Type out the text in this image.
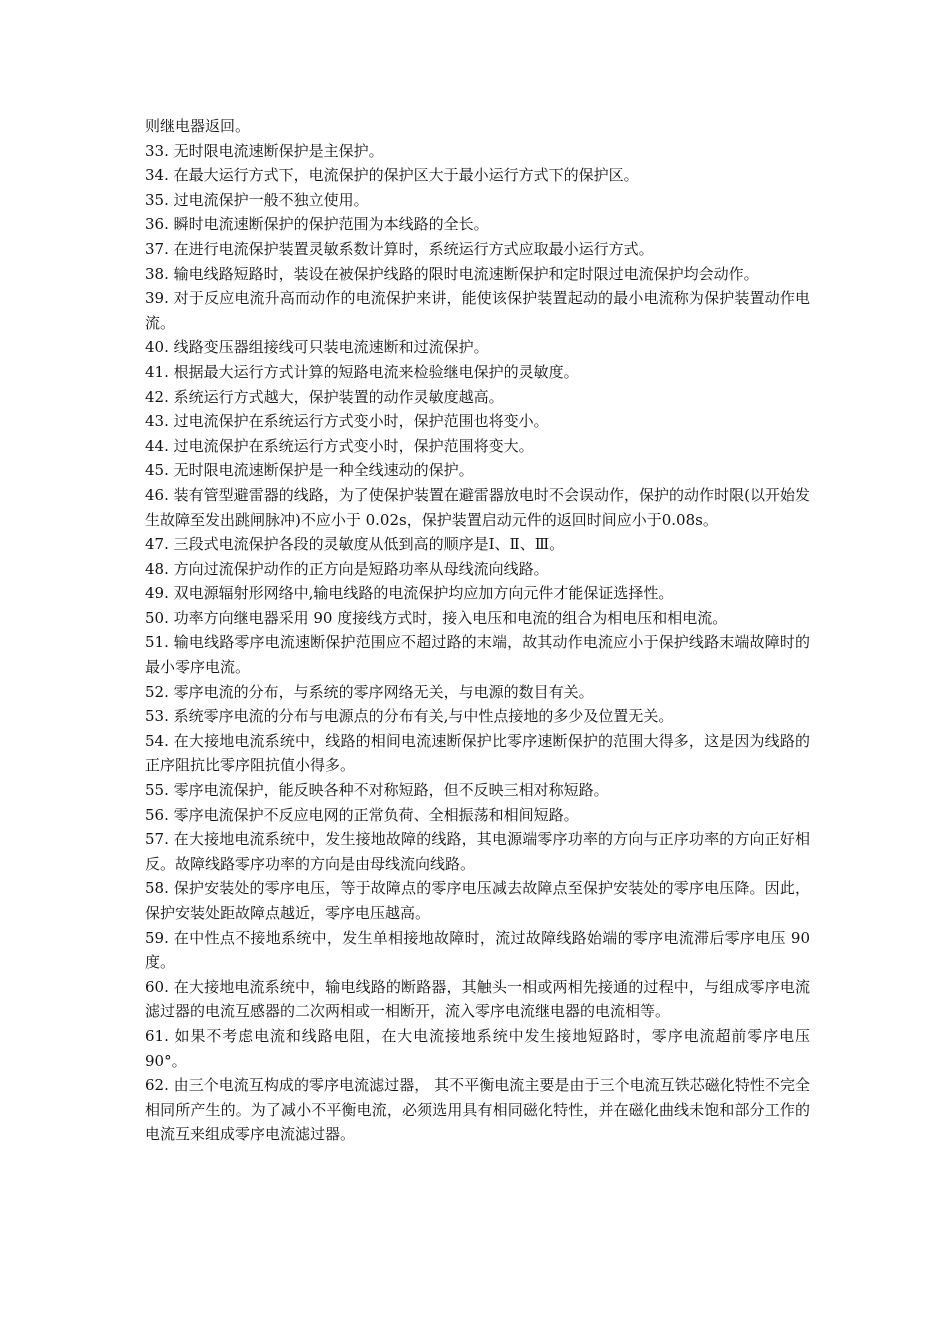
则继电器返回。

33. 无时限电流速断保护是主保护。

34. 在最大运行方式下，电流保护的保护区大于最小运行方式下的保护区。

35. 过电流保护一般不独立使用。

36. 瞬时电流速断保护的保护范围为本线路的全长。

37. 在进行电流保护装置灵敏系数计算时，系统运行方式应取最小运行方式。

38. 输电线路短路时，装设在被保护线路的限时电流速断保护和定时限过电流保护均会动作。

39. 对于反应电流升高而动作的电流保护来讲，能使该保护装置起动的最小电流称为保护装置动作电流。

40. 线路变压器组接线可只装电流速断和过流保护。

41. 根据最大运行方式计算的短路电流来检验继电保护的灵敏度。

42. 系统运行方式越大，保护装置的动作灵敏度越高。

43. 过电流保护在系统运行方式变小时，保护范围也将变小。

44. 过电流保护在系统运行方式变小时，保护范围将变大。

45. 无时限电流速断保护是一种全线速动的保护。

46. 装有管型避雷器的线路，为了使保护装置在避雷器放电时不会误动作，保护的动作时限(以开始发生故障至发出跳闸脉冲)不应小于 0.02s，保护装置启动元件的返回时间应小于0.08s。

47. 三段式电流保护各段的灵敏度从低到高的顺序是Ⅰ、Ⅱ、Ⅲ。

48. 方向过流保护动作的正方向是短路功率从母线流向线路。

49. 双电源辐射形网络中,输电线路的电流保护均应加方向元件才能保证选择性。

50. 功率方向继电器采用 90 度接线方式时，接入电压和电流的组合为相电压和相电流。

51. 输电线路零序电流速断保护范围应不超过路的末端，故其动作电流应小于保护线路末端故障时的最小零序电流。

52. 零序电流的分布，与系统的零序网络无关，与电源的数目有关。

53. 系统零序电流的分布与电源点的分布有关,与中性点接地的多少及位置无关。

54. 在大接地电流系统中，线路的相间电流速断保护比零序速断保护的范围大得多，这是因为线路的正序阻抗比零序阻抗值小得多。

55. 零序电流保护，能反映各种不对称短路，但不反映三相对称短路。

56. 零序电流保护不反应电网的正常负荷、全相振荡和相间短路。

57. 在大接地电流系统中，发生接地故障的线路，其电源端零序功率的方向与正序功率的方向正好相反。故障线路零序功率的方向是由母线流向线路。

58. 保护安装处的零序电压，等于故障点的零序电压减去故障点至保护安装处的零序电压降。因此，保护安装处距故障点越近，零序电压越高。

59. 在中性点不接地系统中，发生单相接地故障时，流过故障线路始端的零序电流滞后零序电压 90 度。

60. 在大接地电流系统中，输电线路的断路器，其触头一相或两相先接通的过程中，与组成零序电流滤过器的电流互感器的二次两相或一相断开，流入零序电流继电器的电流相等。

61. 如果不考虑电流和线路电阻，在大电流接地系统中发生接地短路时，零序电流超前零序电压 90°。

62. 由三个电流互构成的零序电流滤过器， 其不平衡电流主要是由于三个电流互铁芯磁化特性不完全相同所产生的。为了减小不平衡电流，必须选用具有相同磁化特性，并在磁化曲线未饱和部分工作的电流互来组成零序电流滤过器。
